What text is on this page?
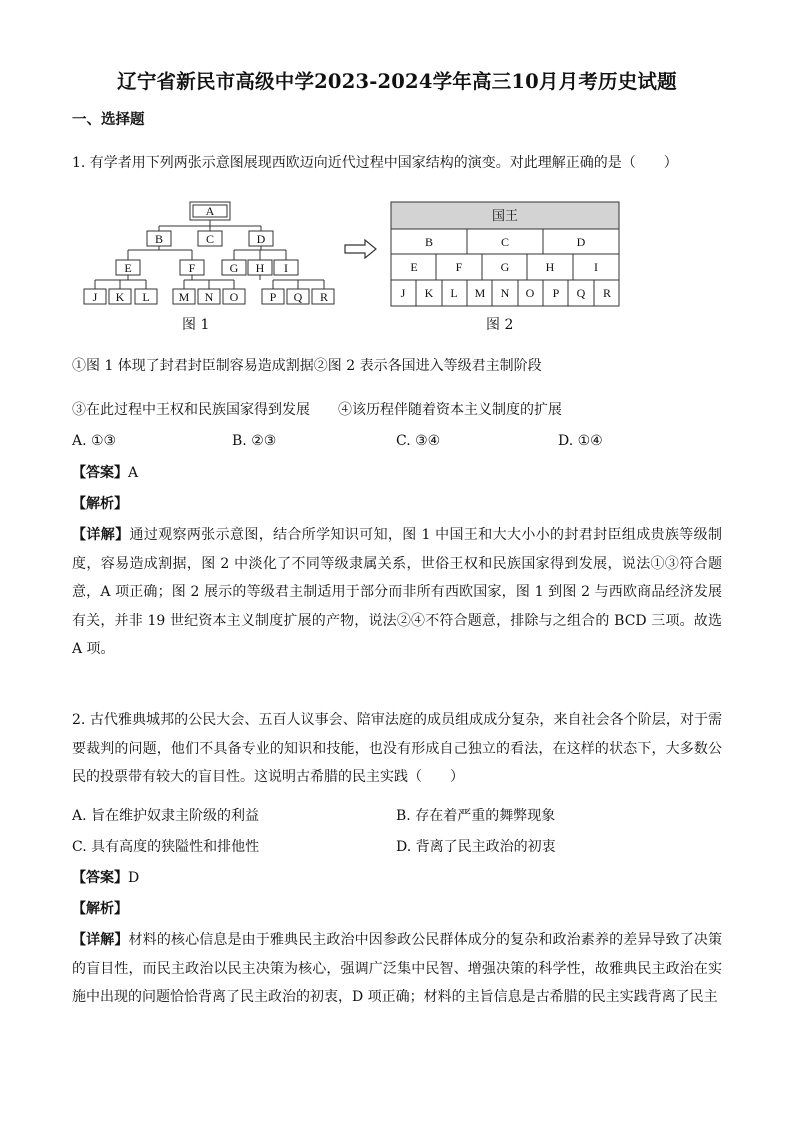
辽宁省新民市高级中学2023-2024学年高三10月月考历史试题
一、选择题
1. 有学者用下列两张示意图展现西欧迈向近代过程中国家结构的演变。对此理解正确的是（　　）
A
B	C	D
E	F	G H I
J K L M N O	P Q R
图 1
国王
B	C	D
E	F	G	H	I
J K L M N O P Q R
图 2
①图 1 体现了封君封臣制容易造成割据②图 2 表示各国进入等级君主制阶段
③在此过程中王权和民族国家得到发展　　④该历程伴随着资本主义制度的扩展
A. ①③	B. ②③	C. ③④	D. ①④
【答案】A
【解析】
【详解】通过观察两张示意图，结合所学知识可知，图 1 中国王和大大小小的封君封臣组成贵族等级制度，容易造成割据，图 2 中淡化了不同等级隶属关系，世俗王权和民族国家得到发展，说法①③符合题意，A 项正确；图 2 展示的等级君主制适用于部分而非所有西欧国家，图 1 到图 2 与西欧商品经济发展有关，并非 19 世纪资本主义制度扩展的产物，说法②④不符合题意，排除与之组合的 BCD 三项。故选 A 项。
2. 古代雅典城邦的公民大会、五百人议事会、陪审法庭的成员组成成分复杂，来自社会各个阶层，对于需要裁判的问题，他们不具备专业的知识和技能，也没有形成自己独立的看法，在这样的状态下，大多数公民的投票带有较大的盲目性。这说明古希腊的民主实践（　　）
A. 旨在维护奴隶主阶级的利益	B. 存在着严重的舞弊现象
C. 具有高度的狭隘性和排他性	D. 背离了民主政治的初衷
【答案】D
【解析】
【详解】材料的核心信息是由于雅典民主政治中因参政公民群体成分的复杂和政治素养的差异导致了决策的盲目性，而民主政治以民主决策为核心，强调广泛集中民智、增强决策的科学性，故雅典民主政治在实施中出现的问题恰恰背离了民主政治的初衷，D 项正确；材料的主旨信息是古希腊的民主实践背离了民主
